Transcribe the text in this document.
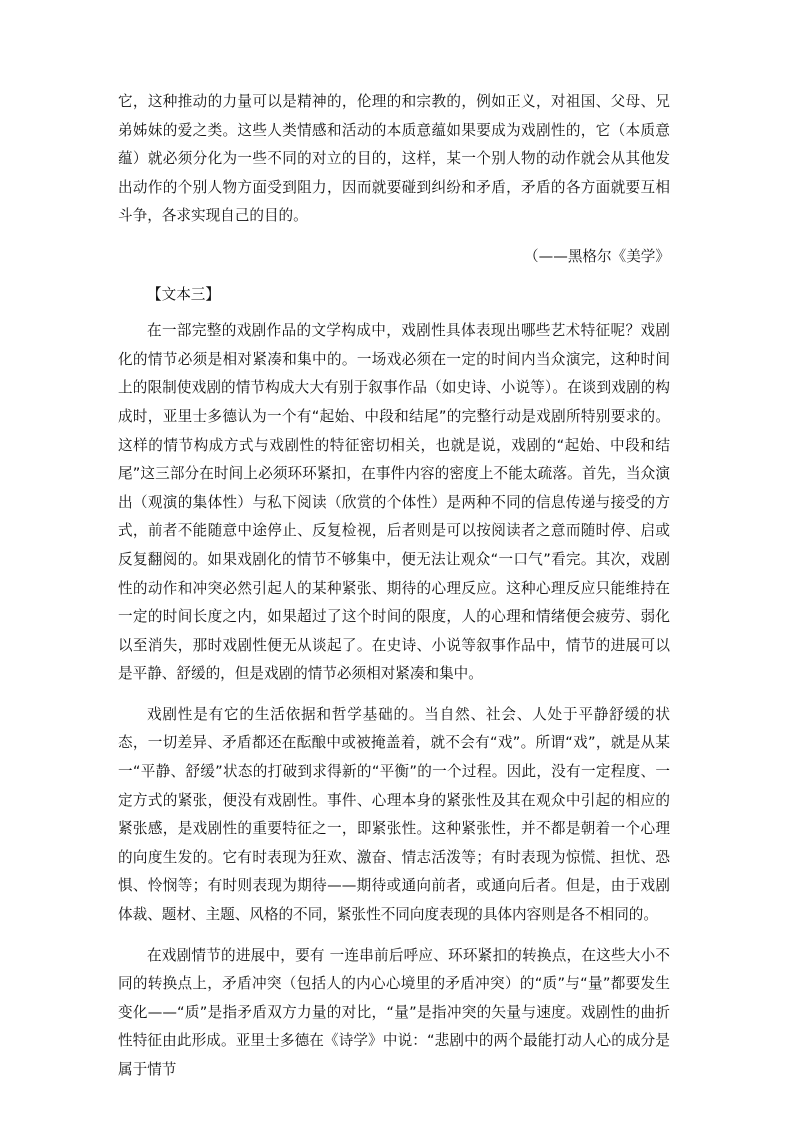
它，这种推动的力量可以是精神的，伦理的和宗教的，例如正义，对祖国、父母、兄弟姊妹的爱之类。这些人类情感和活动的本质意蕴如果要成为戏剧性的，它（本质意蕴）就必须分化为一些不同的对立的目的，这样，某一个别人物的动作就会从其他发出动作的个别人物方面受到阻力，因而就要碰到纠纷和矛盾，矛盾的各方面就要互相斗争，各求实现自己的目的。

（——黑格尔《美学》

【文本三】

在一部完整的戏剧作品的文学构成中，戏剧性具体表现出哪些艺术特征呢？戏剧化的情节必须是相对紧凑和集中的。一场戏必须在一定的时间内当众演完，这种时间上的限制使戏剧的情节构成大大有别于叙事作品（如史诗、小说等）。在谈到戏剧的构成时，亚里士多德认为一个有“起始、中段和结尾”的完整行动是戏剧所特别要求的。这样的情节构成方式与戏剧性的特征密切相关，也就是说，戏剧的“起始、中段和结尾”这三部分在时间上必须环环紧扣，在事件内容的密度上不能太疏落。首先，当众演出（观演的集体性）与私下阅读（欣赏的个体性）是两种不同的信息传递与接受的方式，前者不能随意中途停止、反复检视，后者则是可以按阅读者之意而随时停、启或反复翻阅的。如果戏剧化的情节不够集中，便无法让观众“一口气”看完。其次，戏剧性的动作和冲突必然引起人的某种紧张、期待的心理反应。这种心理反应只能维持在一定的时间长度之内，如果超过了这个时间的限度，人的心理和情绪便会疲劳、弱化以至消失，那时戏剧性便无从谈起了。在史诗、小说等叙事作品中，情节的进展可以是平静、舒缓的，但是戏剧的情节必须相对紧凑和集中。

戏剧性是有它的生活依据和哲学基础的。当自然、社会、人处于平静舒缓的状态，一切差异、矛盾都还在酝酿中或被掩盖着，就不会有“戏”。所谓“戏”，就是从某一“平静、舒缓”状态的打破到求得新的“平衡”的一个过程。因此，没有一定程度、一定方式的紧张，便没有戏剧性。事件、心理本身的紧张性及其在观众中引起的相应的紧张感，是戏剧性的重要特征之一，即紧张性。这种紧张性，并不都是朝着一个心理的向度生发的。它有时表现为狂欢、激奋、情志活泼等；有时表现为惊慌、担忧、恐惧、怜悯等；有时则表现为期待——期待或通向前者，或通向后者。但是，由于戏剧体裁、题材、主题、风格的不同，紧张性不同向度表现的具体内容则是各不相同的。

在戏剧情节的进展中，要有 一连串前后呼应、环环紧扣的转换点，在这些大小不同的转换点上，矛盾冲突（包括人的内心心境里的矛盾冲突）的“质”与“量”都要发生变化——“质”是指矛盾双方力量的对比，“量”是指冲突的矢量与速度。戏剧性的曲折性特征由此形成。亚里士多德在《诗学》中说：“悲剧中的两个最能打动人心的成分是属于情节
